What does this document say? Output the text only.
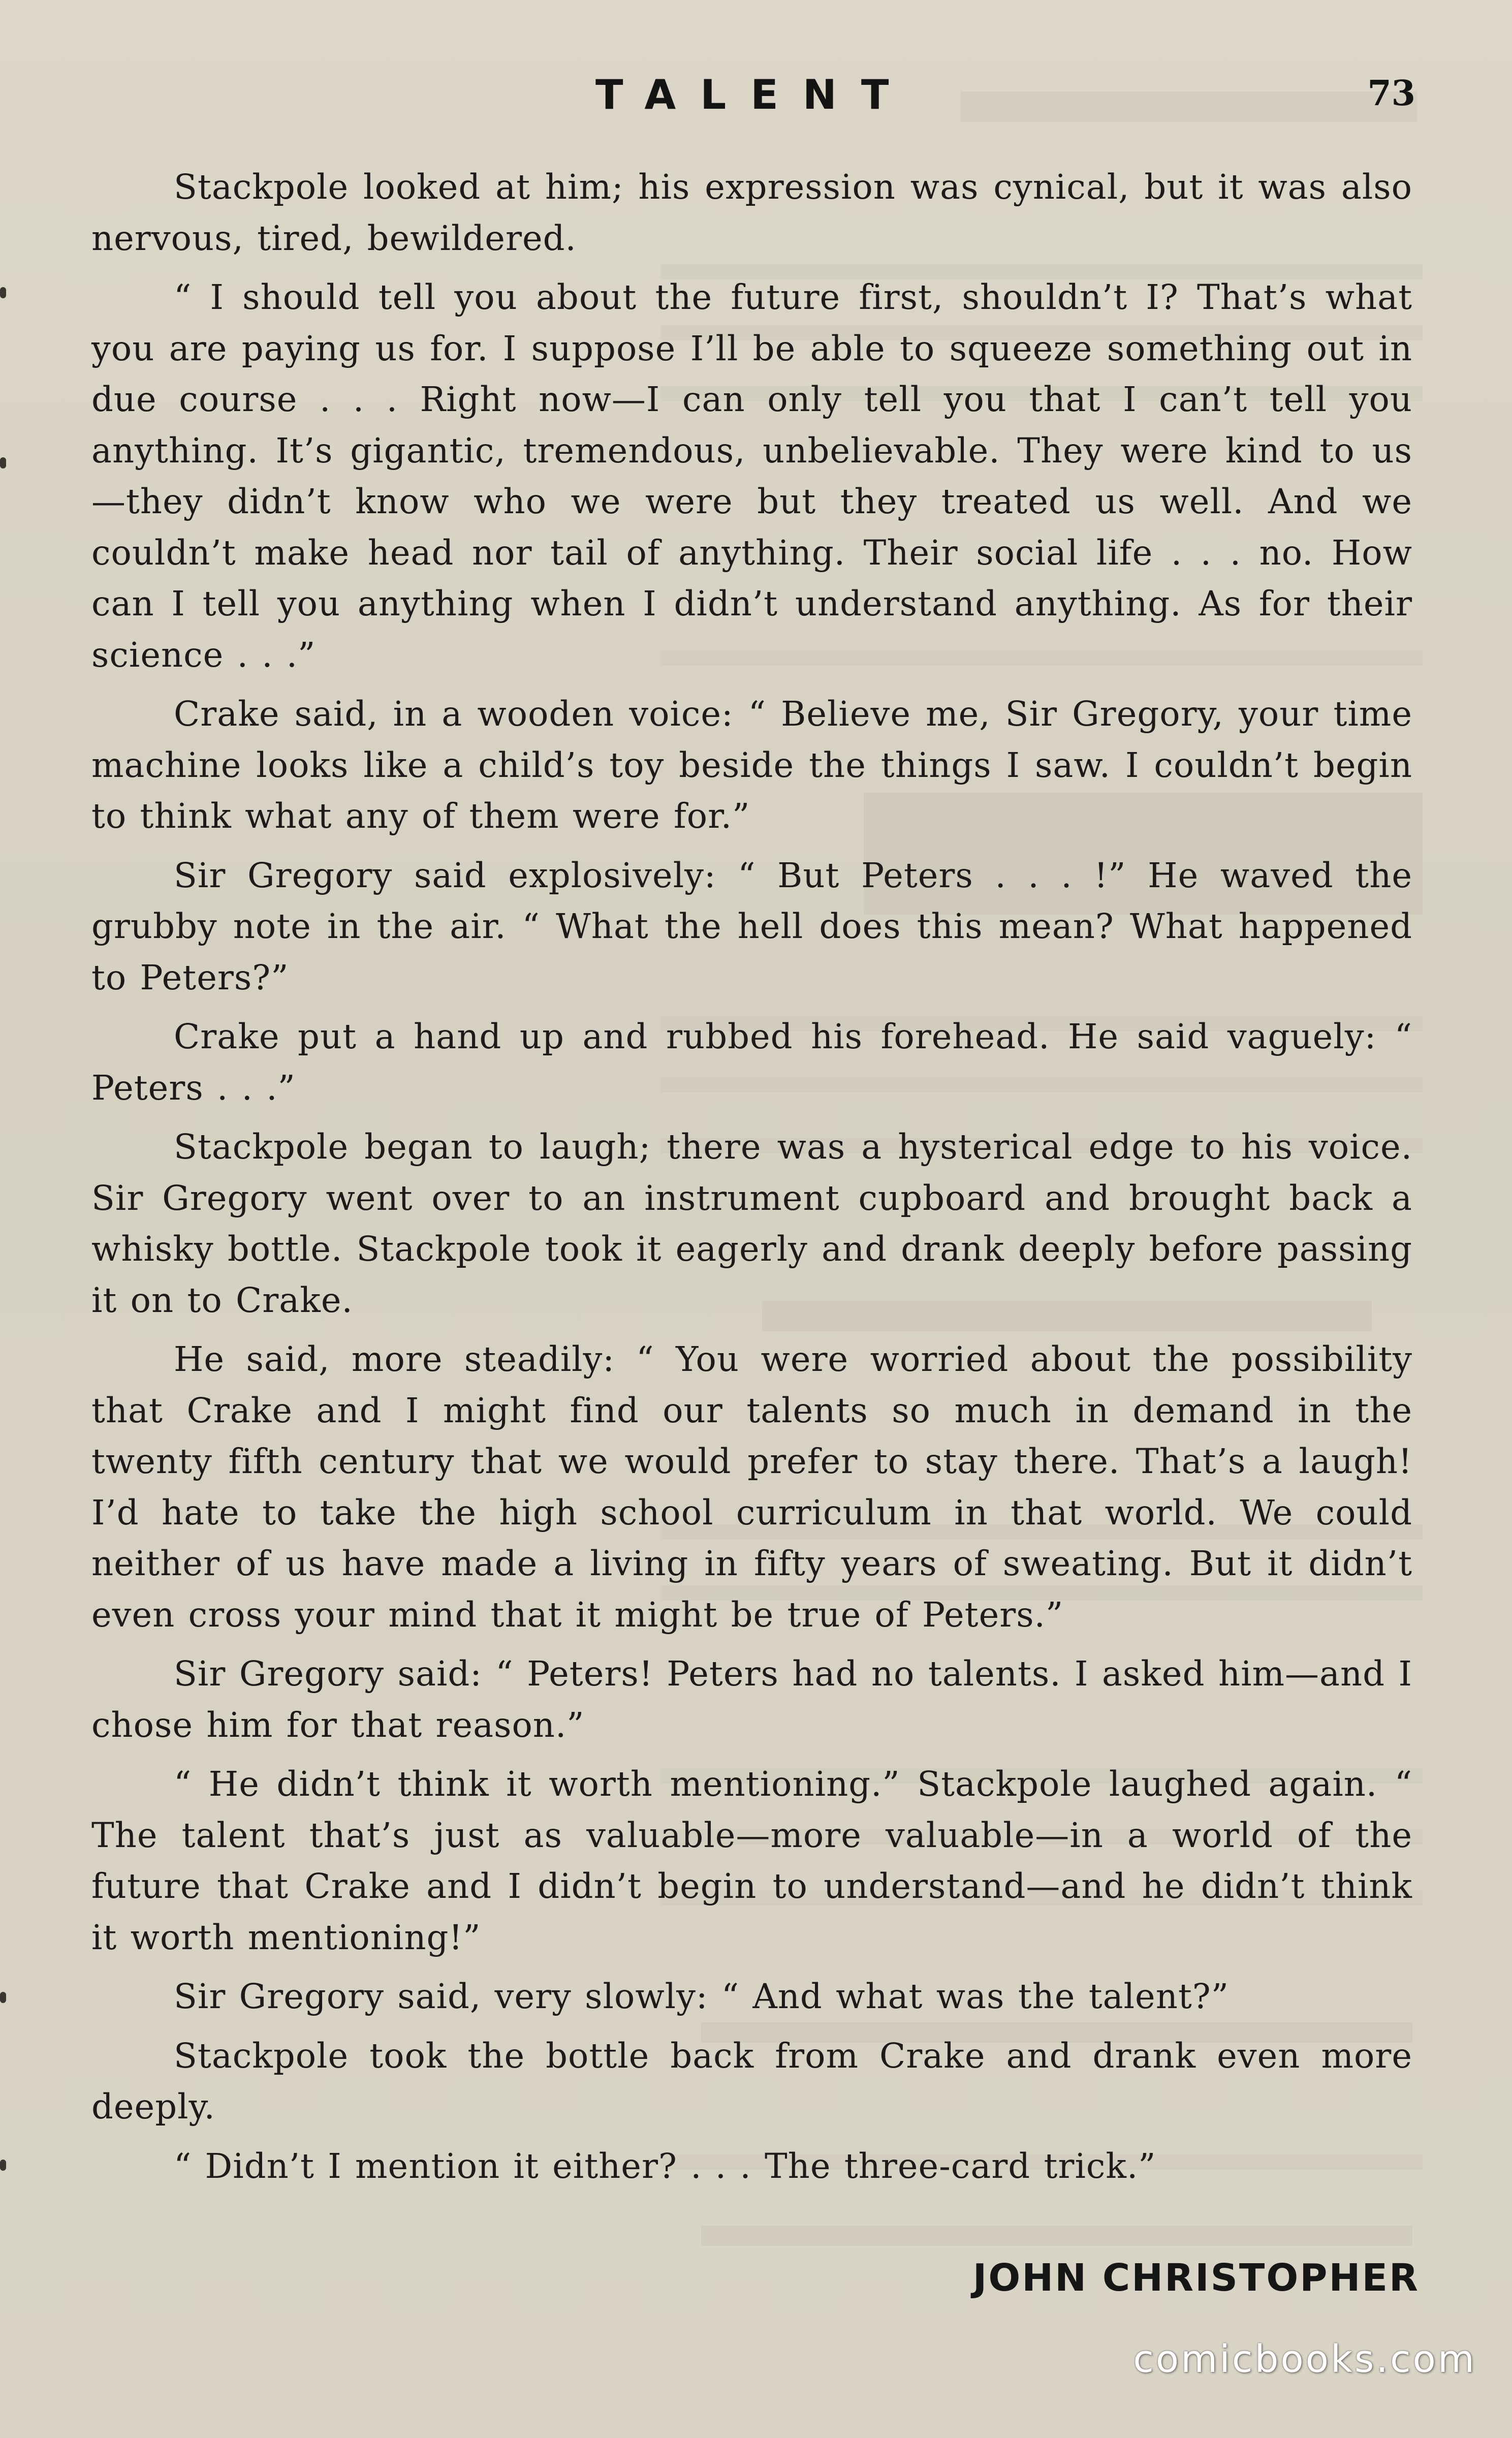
TALENT	73

Stackpole looked at him; his expression was cynical, but it was also nervous, tired, bewildered.

“ I should tell you about the future first, shouldn’t I? That’s what you are paying us for. I suppose I’ll be able to squeeze something out in due course . . . Right now—I can only tell you that I can’t tell you anything. It’s gigantic, tremendous, unbelievable. They were kind to us—they didn’t know who we were but they treated us well. And we couldn’t make head nor tail of anything. Their social life . . . no. How can I tell you anything when I didn’t understand anything. As for their science . . .”

Crake said, in a wooden voice: “ Believe me, Sir Gregory, your time machine looks like a child’s toy beside the things I saw. I couldn’t begin to think what any of them were for.”

Sir Gregory said explosively: “ But Peters . . . !” He waved the grubby note in the air. “ What the hell does this mean? What happened to Peters?”

Crake put a hand up and rubbed his forehead. He said vaguely: “ Peters . . .”

Stackpole began to laugh; there was a hysterical edge to his voice. Sir Gregory went over to an instrument cupboard and brought back a whisky bottle. Stackpole took it eagerly and drank deeply before passing it on to Crake.

He said, more steadily: “ You were worried about the possibility that Crake and I might find our talents so much in demand in the twenty fifth century that we would prefer to stay there. That’s a laugh! I’d hate to take the high school curriculum in that world. We could neither of us have made a living in fifty years of sweating. But it didn’t even cross your mind that it might be true of Peters.”

Sir Gregory said: “ Peters! Peters had no talents. I asked him—and I chose him for that reason.”

“ He didn’t think it worth mentioning.” Stackpole laughed again. “ The talent that’s just as valuable—more valuable—in a world of the future that Crake and I didn’t begin to understand—and he didn’t think it worth mentioning!”

Sir Gregory said, very slowly: “ And what was the talent?”

Stackpole took the bottle back from Crake and drank even more deeply.

“ Didn’t I mention it either? . . . The three-card trick.”

JOHN CHRISTOPHER
comicbooks.com
